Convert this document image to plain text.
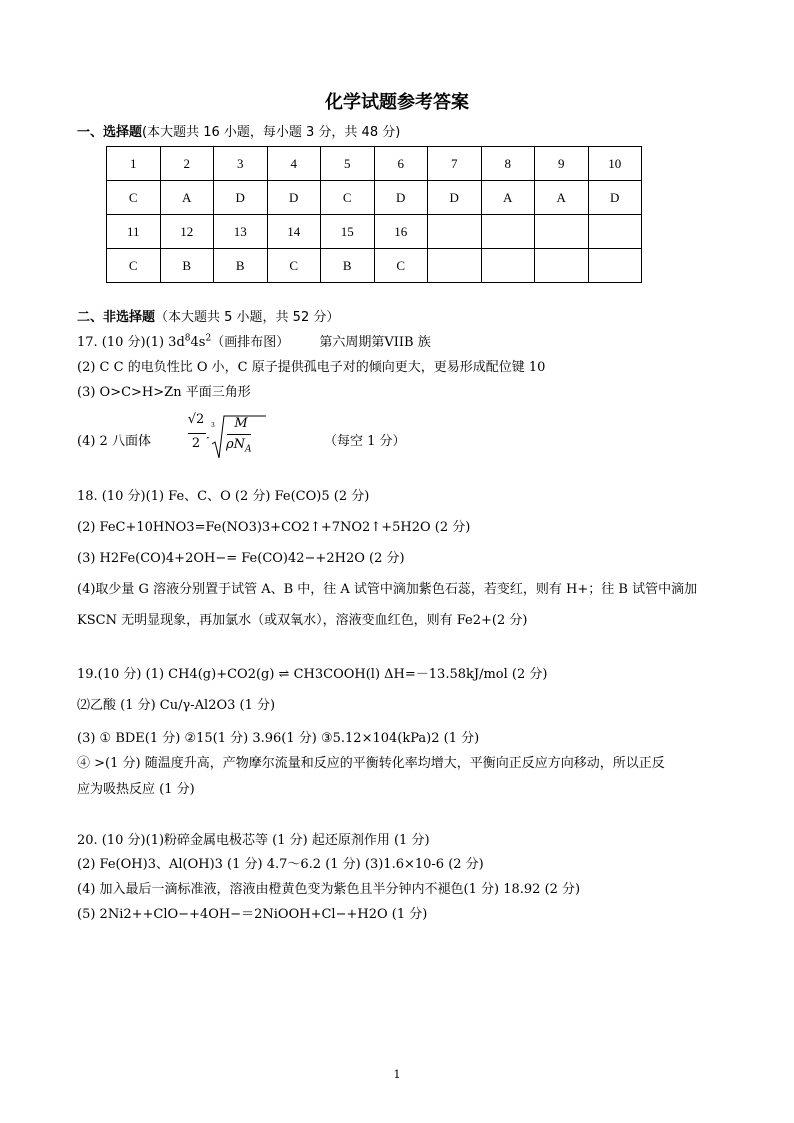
化学试题参考答案
一、选择题(本大题共 16 小题，每小题 3 分，共 48 分)
1	2	3	4	5	6	7	8	9	10
C	A	D	D	C	D	D	A	A	D
11	12	13	14	15	16				
C	B	B	C	B	C				
二、非选择题（本大题共 5 小题，共 52 分）
17. (10 分)(1) $3d^84s^2$（画排布图） 第六周期第VIIB 族
(2) C C 的电负性比 O 小，C 原子提供孤电子对的倾向更大，更易形成配位键 10
(3) O>C>H>Zn 平面三角形
(4) 2 八面体
√2
2 ·
3	M
$\rho N_A$
（每空 1 分）
18. (10 分)(1) Fe、C、O (2 分) Fe(CO)5 (2 分)
(2) FeC+10HNO3=Fe(NO3)3+CO2↑+7NO2↑+5H2O (2 分)
(3) H2Fe(CO)4+2OH−= Fe(CO)42−+2H2O (2 分)
(4)取少量 G 溶液分别置于试管 A、B 中，往 A 试管中滴加紫色石蕊，若变红，则有 H+；往 B 试管中滴加
KSCN 无明显现象，再加氯水（或双氧水），溶液变血红色，则有 Fe2+(2 分)
19.(10 分) (1) CH4(g)+CO2(g) ⇌ CH3COOH(l) ΔH=－13.58kJ/mol (2 分)
⑵乙酸 (1 分) Cu/γ-Al2O3 (1 分)
(3) ① BDE(1 分) ②15(1 分) 3.96(1 分) ③5.12×104(kPa)2 (1 分)
④ >(1 分) 随温度升高，产物摩尔流量和反应的平衡转化率均增大，平衡向正反应方向移动，所以正反
应为吸热反应 (1 分)
20. (10 分)(1)粉碎金属电极芯等 (1 分) 起还原剂作用 (1 分)
(2) Fe(OH)3、Al(OH)3 (1 分) 4.7～6.2 (1 分) (3)1.6×10-6 (2 分)
(4) 加入最后一滴标准液，溶液由橙黄色变为紫色且半分钟内不褪色(1 分) 18.92 (2 分)
(5) 2Ni2++ClO−+4OH−＝2NiOOH+Cl−+H2O (1 分)
1
